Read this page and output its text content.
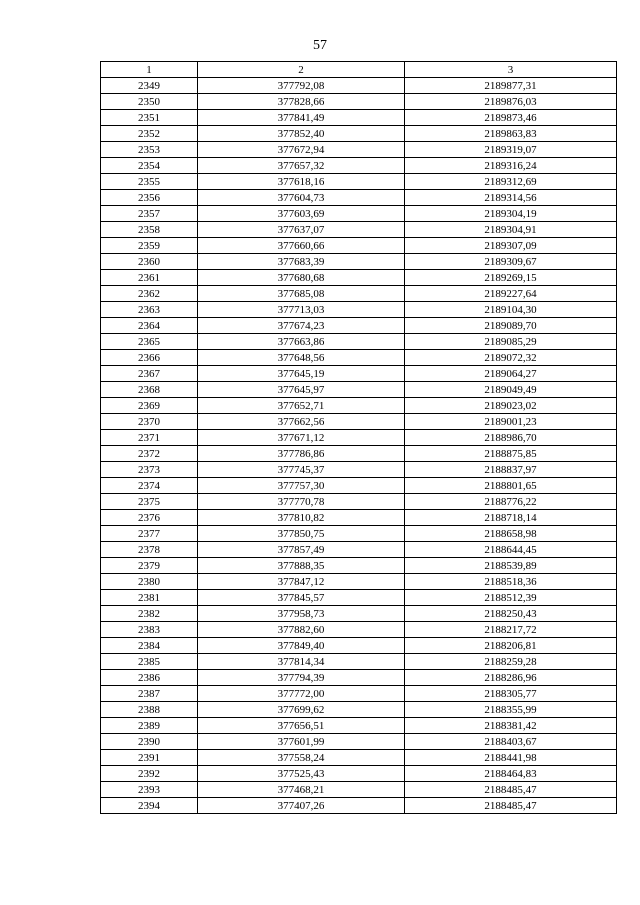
57
1	2	3
2349	377792,08	2189877,31
2350	377828,66	2189876,03
2351	377841,49	2189873,46
2352	377852,40	2189863,83
2353	377672,94	2189319,07
2354	377657,32	2189316,24
2355	377618,16	2189312,69
2356	377604,73	2189314,56
2357	377603,69	2189304,19
2358	377637,07	2189304,91
2359	377660,66	2189307,09
2360	377683,39	2189309,67
2361	377680,68	2189269,15
2362	377685,08	2189227,64
2363	377713,03	2189104,30
2364	377674,23	2189089,70
2365	377663,86	2189085,29
2366	377648,56	2189072,32
2367	377645,19	2189064,27
2368	377645,97	2189049,49
2369	377652,71	2189023,02
2370	377662,56	2189001,23
2371	377671,12	2188986,70
2372	377786,86	2188875,85
2373	377745,37	2188837,97
2374	377757,30	2188801,65
2375	377770,78	2188776,22
2376	377810,82	2188718,14
2377	377850,75	2188658,98
2378	377857,49	2188644,45
2379	377888,35	2188539,89
2380	377847,12	2188518,36
2381	377845,57	2188512,39
2382	377958,73	2188250,43
2383	377882,60	2188217,72
2384	377849,40	2188206,81
2385	377814,34	2188259,28
2386	377794,39	2188286,96
2387	377772,00	2188305,77
2388	377699,62	2188355,99
2389	377656,51	2188381,42
2390	377601,99	2188403,67
2391	377558,24	2188441,98
2392	377525,43	2188464,83
2393	377468,21	2188485,47
2394	377407,26	2188485,47
